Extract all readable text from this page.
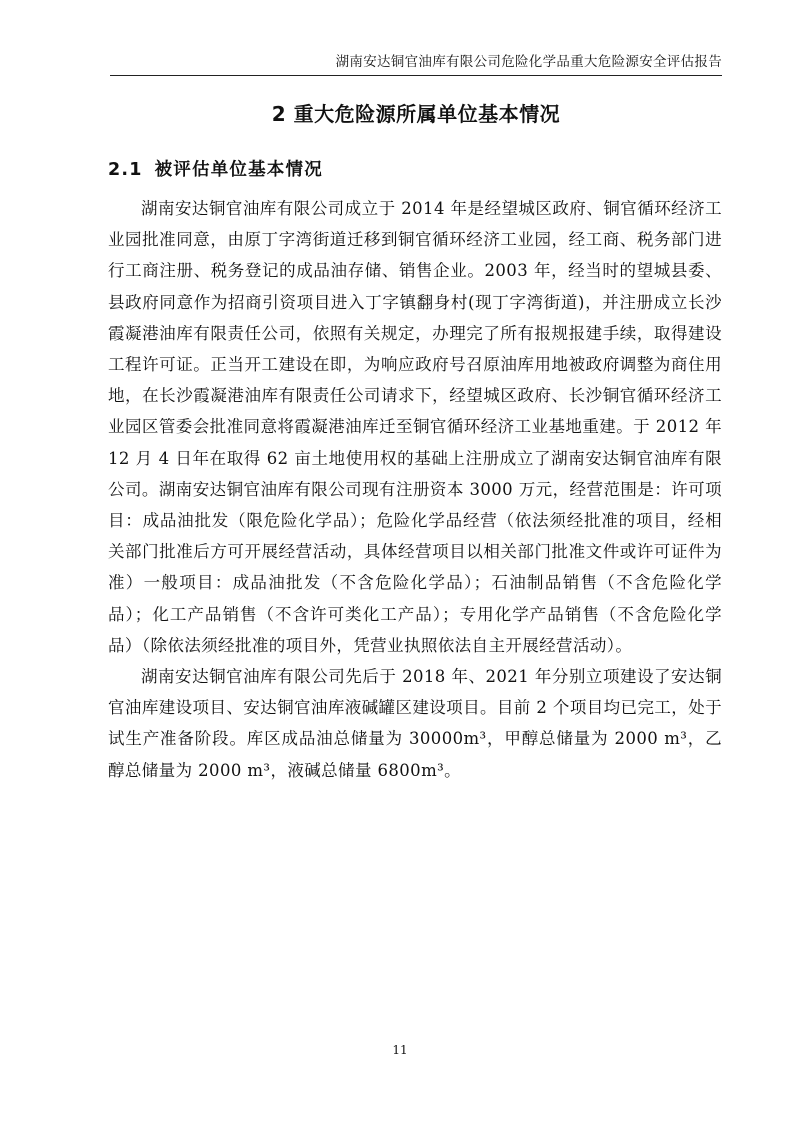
湖南安达铜官油库有限公司危险化学品重大危险源安全评估报告
2 重大危险源所属单位基本情况
2.1 被评估单位基本情况

湖南安达铜官油库有限公司成立于 2014 年是经望城区政府、铜官循环经济工业园批准同意，由原丁字湾街道迁移到铜官循环经济工业园，经工商、税务部门进行工商注册、税务登记的成品油存储、销售企业。2003 年，经当时的望城县委、县政府同意作为招商引资项目进入丁字镇翻身村(现丁字湾街道)，并注册成立长沙霞凝港油库有限责任公司，依照有关规定，办理完了所有报规报建手续，取得建设工程许可证。正当开工建设在即，为响应政府号召原油库用地被政府调整为商住用地，在长沙霞凝港油库有限责任公司请求下，经望城区政府、长沙铜官循环经济工业园区管委会批准同意将霞凝港油库迁至铜官循环经济工业基地重建。于 2012 年 12 月 4 日年在取得 62 亩土地使用权的基础上注册成立了湖南安达铜官油库有限公司。湖南安达铜官油库有限公司现有注册资本 3000 万元，经营范围是：许可项目：成品油批发（限危险化学品）；危险化学品经营（依法须经批准的项目，经相关部门批准后方可开展经营活动，具体经营项目以相关部门批准文件或许可证件为准）一般项目：成品油批发（不含危险化学品）；石油制品销售（不含危险化学品）；化工产品销售（不含许可类化工产品）；专用化学产品销售（不含危险化学品）（除依法须经批准的项目外，凭营业执照依法自主开展经营活动）。

湖南安达铜官油库有限公司先后于 2018 年、2021 年分别立项建设了安达铜官油库建设项目、安达铜官油库液碱罐区建设项目。目前 2 个项目均已完工，处于试生产准备阶段。库区成品油总储量为 30000m³，甲醇总储量为 2000 m³，乙醇总储量为 2000 m³，液碱总储量 6800m³。

11
